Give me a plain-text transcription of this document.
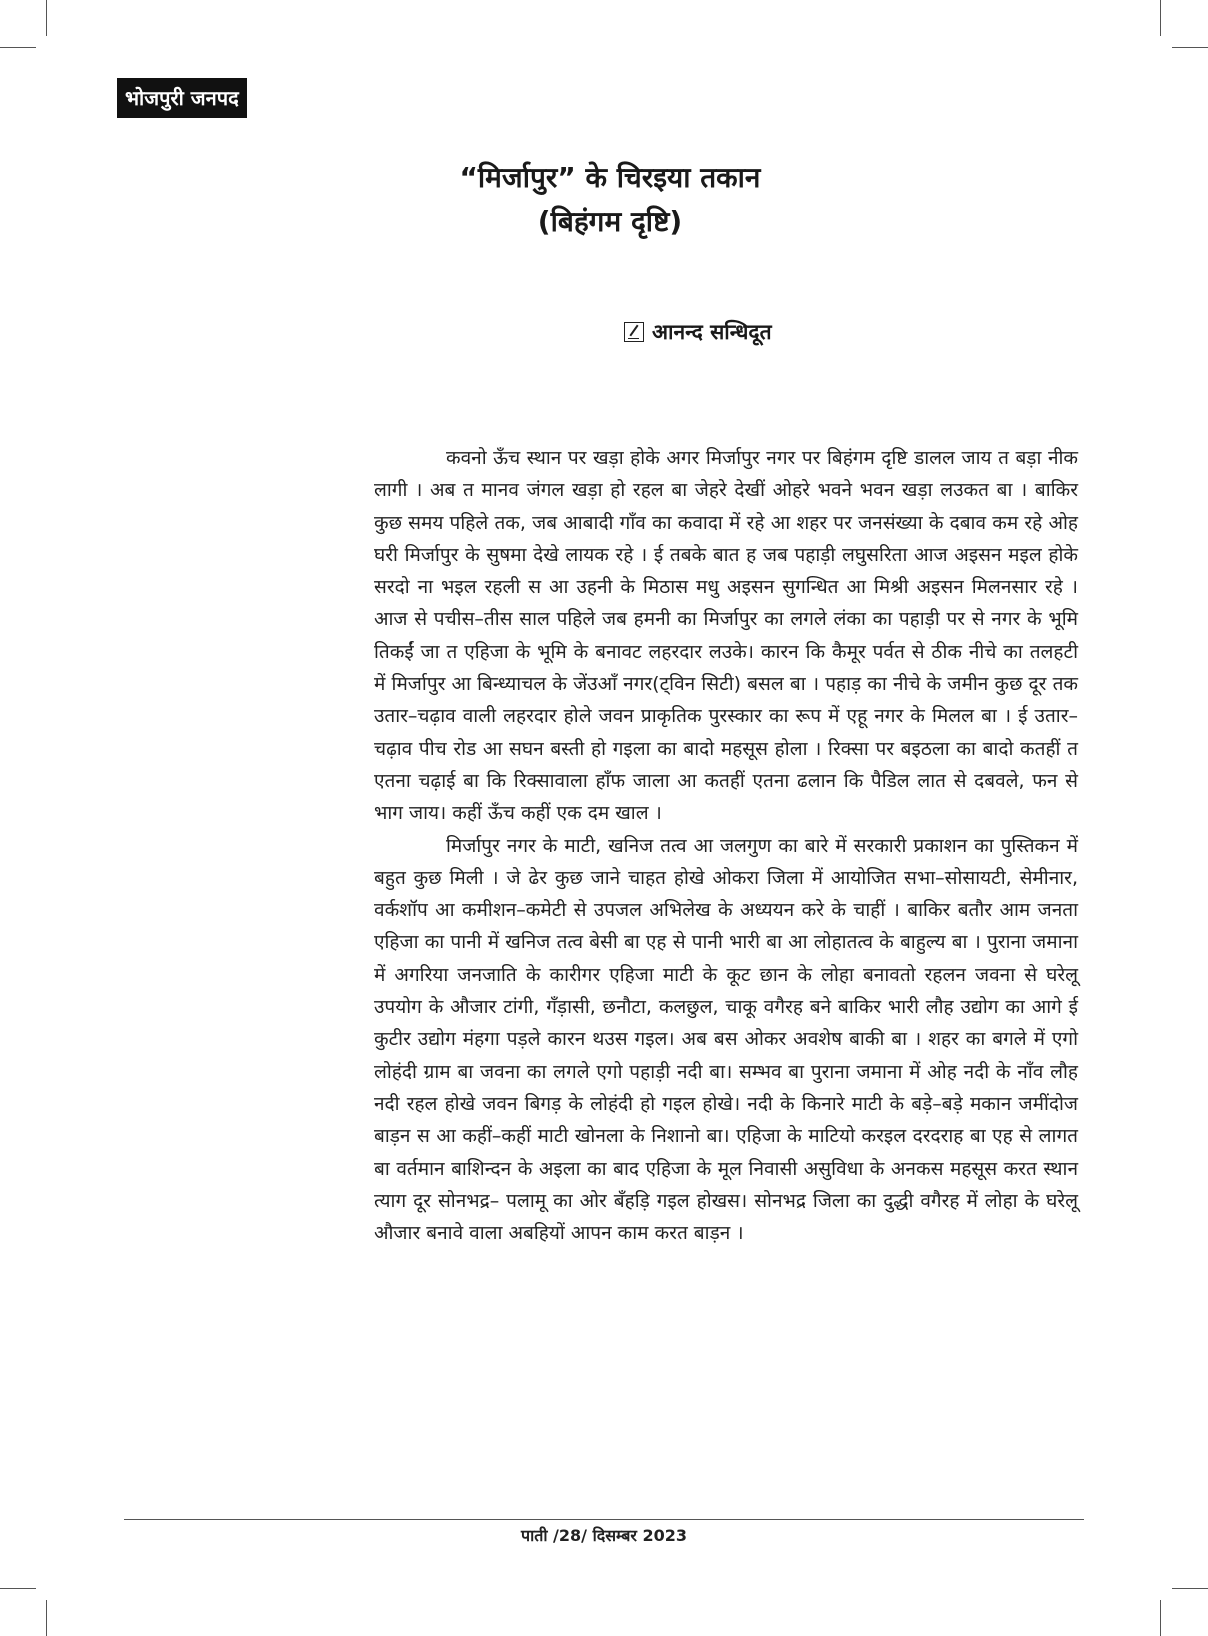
भोजपुरी जनपद
“मिर्जापुर” के चिरइया तकान
(बिहंगम दृष्टि)
आनन्द सन्धिदूत

कवनो ऊँच स्थान पर खड़ा होके अगर मिर्जापुर नगर पर बिहंगम दृष्टि डालल जाय त बड़ा नीक लागी । अब त मानव जंगल खड़ा हो रहल बा जेहरे देखीं ओहरे भवने भवन खड़ा लउकत बा । बाकिर कुछ समय पहिले तक, जब आबादी गाँव का कवादा में रहे आ शहर पर जनसंख्या के दबाव कम रहे ओह घरी मिर्जापुर के सुषमा देखे लायक रहे । ई तबके बात ह जब पहाड़ी लघुसरिता आज अइसन मइल होके सरदो ना भइल रहली स आ उहनी के मिठास मधु अइसन सुगन्धित आ मिश्री अइसन मिलनसार रहे । आज से पचीस–तीस साल पहिले जब हमनी का मिर्जापुर का लगले लंका का पहाड़ी पर से नगर के भूमि तिकईं जा त एहिजा के भूमि के बनावट लहरदार लउके। कारन कि कैमूर पर्वत से ठीक नीचे का तलहटी में मिर्जापुर आ बिन्ध्याचल के जेंउआँ नगर(ट्विन सिटी) बसल बा । पहाड़ का नीचे के जमीन कुछ दूर तक उतार–चढ़ाव वाली लहरदार होले जवन प्राकृतिक पुरस्कार का रूप में एहू नगर के मिलल बा । ई उतार–चढ़ाव पीच रोड आ सघन बस्ती हो गइला का बादो महसूस होला । रिक्सा पर बइठला का बादो कतहीं त एतना चढ़ाई बा कि रिक्सावाला हाँफ जाला आ कतहीं एतना ढलान कि पैडिल लात से दबवले, फन से भाग जाय। कहीं ऊँच कहीं एक दम खाल ।

मिर्जापुर नगर के माटी, खनिज तत्व आ जलगुण का बारे में सरकारी प्रकाशन का पुस्तिकन में बहुत कुछ मिली । जे ढेर कुछ जाने चाहत होखे ओकरा जिला में आयोजित सभा–सोसायटी, सेमीनार, वर्कशॉप आ कमीशन–कमेटी से उपजल अभिलेख के अध्ययन करे के चाहीं । बाकिर बतौर आम जनता एहिजा का पानी में खनिज तत्व बेसी बा एह से पानी भारी बा आ लोहातत्व के बाहुल्य बा । पुराना जमाना में अगरिया जनजाति के कारीगर एहिजा माटी के कूट छान के लोहा बनावतो रहलन जवना से घरेलू उपयोग के औजार टांगी, गँड़ासी, छनौटा, कलछुल, चाकू वगैरह बने बाकिर भारी लौह उद्योग का आगे ई कुटीर उद्योग मंहगा पड़ले कारन थउस गइल। अब बस ओकर अवशेष बाकी बा । शहर का बगले में एगो लोहंदी ग्राम बा जवना का लगले एगो पहाड़ी नदी बा। सम्भव बा पुराना जमाना में ओह नदी के नाँव लौह नदी रहल होखे जवन बिगड़ के लोहंदी हो गइल होखे। नदी के किनारे माटी के बड़े–बड़े मकान जमींदोज बाड़न स आ कहीं–कहीं माटी खोनला के निशानो बा। एहिजा के माटियो करइल दरदराह बा एह से लागत बा वर्तमान बाशिन्दन के अइला का बाद एहिजा के मूल निवासी असुविधा के अनकस महसूस करत स्थान त्याग दूर सोनभद्र– पलामू का ओर बँहड़ि गइल होखस। सोनभद्र जिला का दुद्धी वगैरह में लोहा के घरेलू औजार बनावे वाला अबहियों आपन काम करत बाड़न ।

पाती /28/ दिसम्बर 2023
